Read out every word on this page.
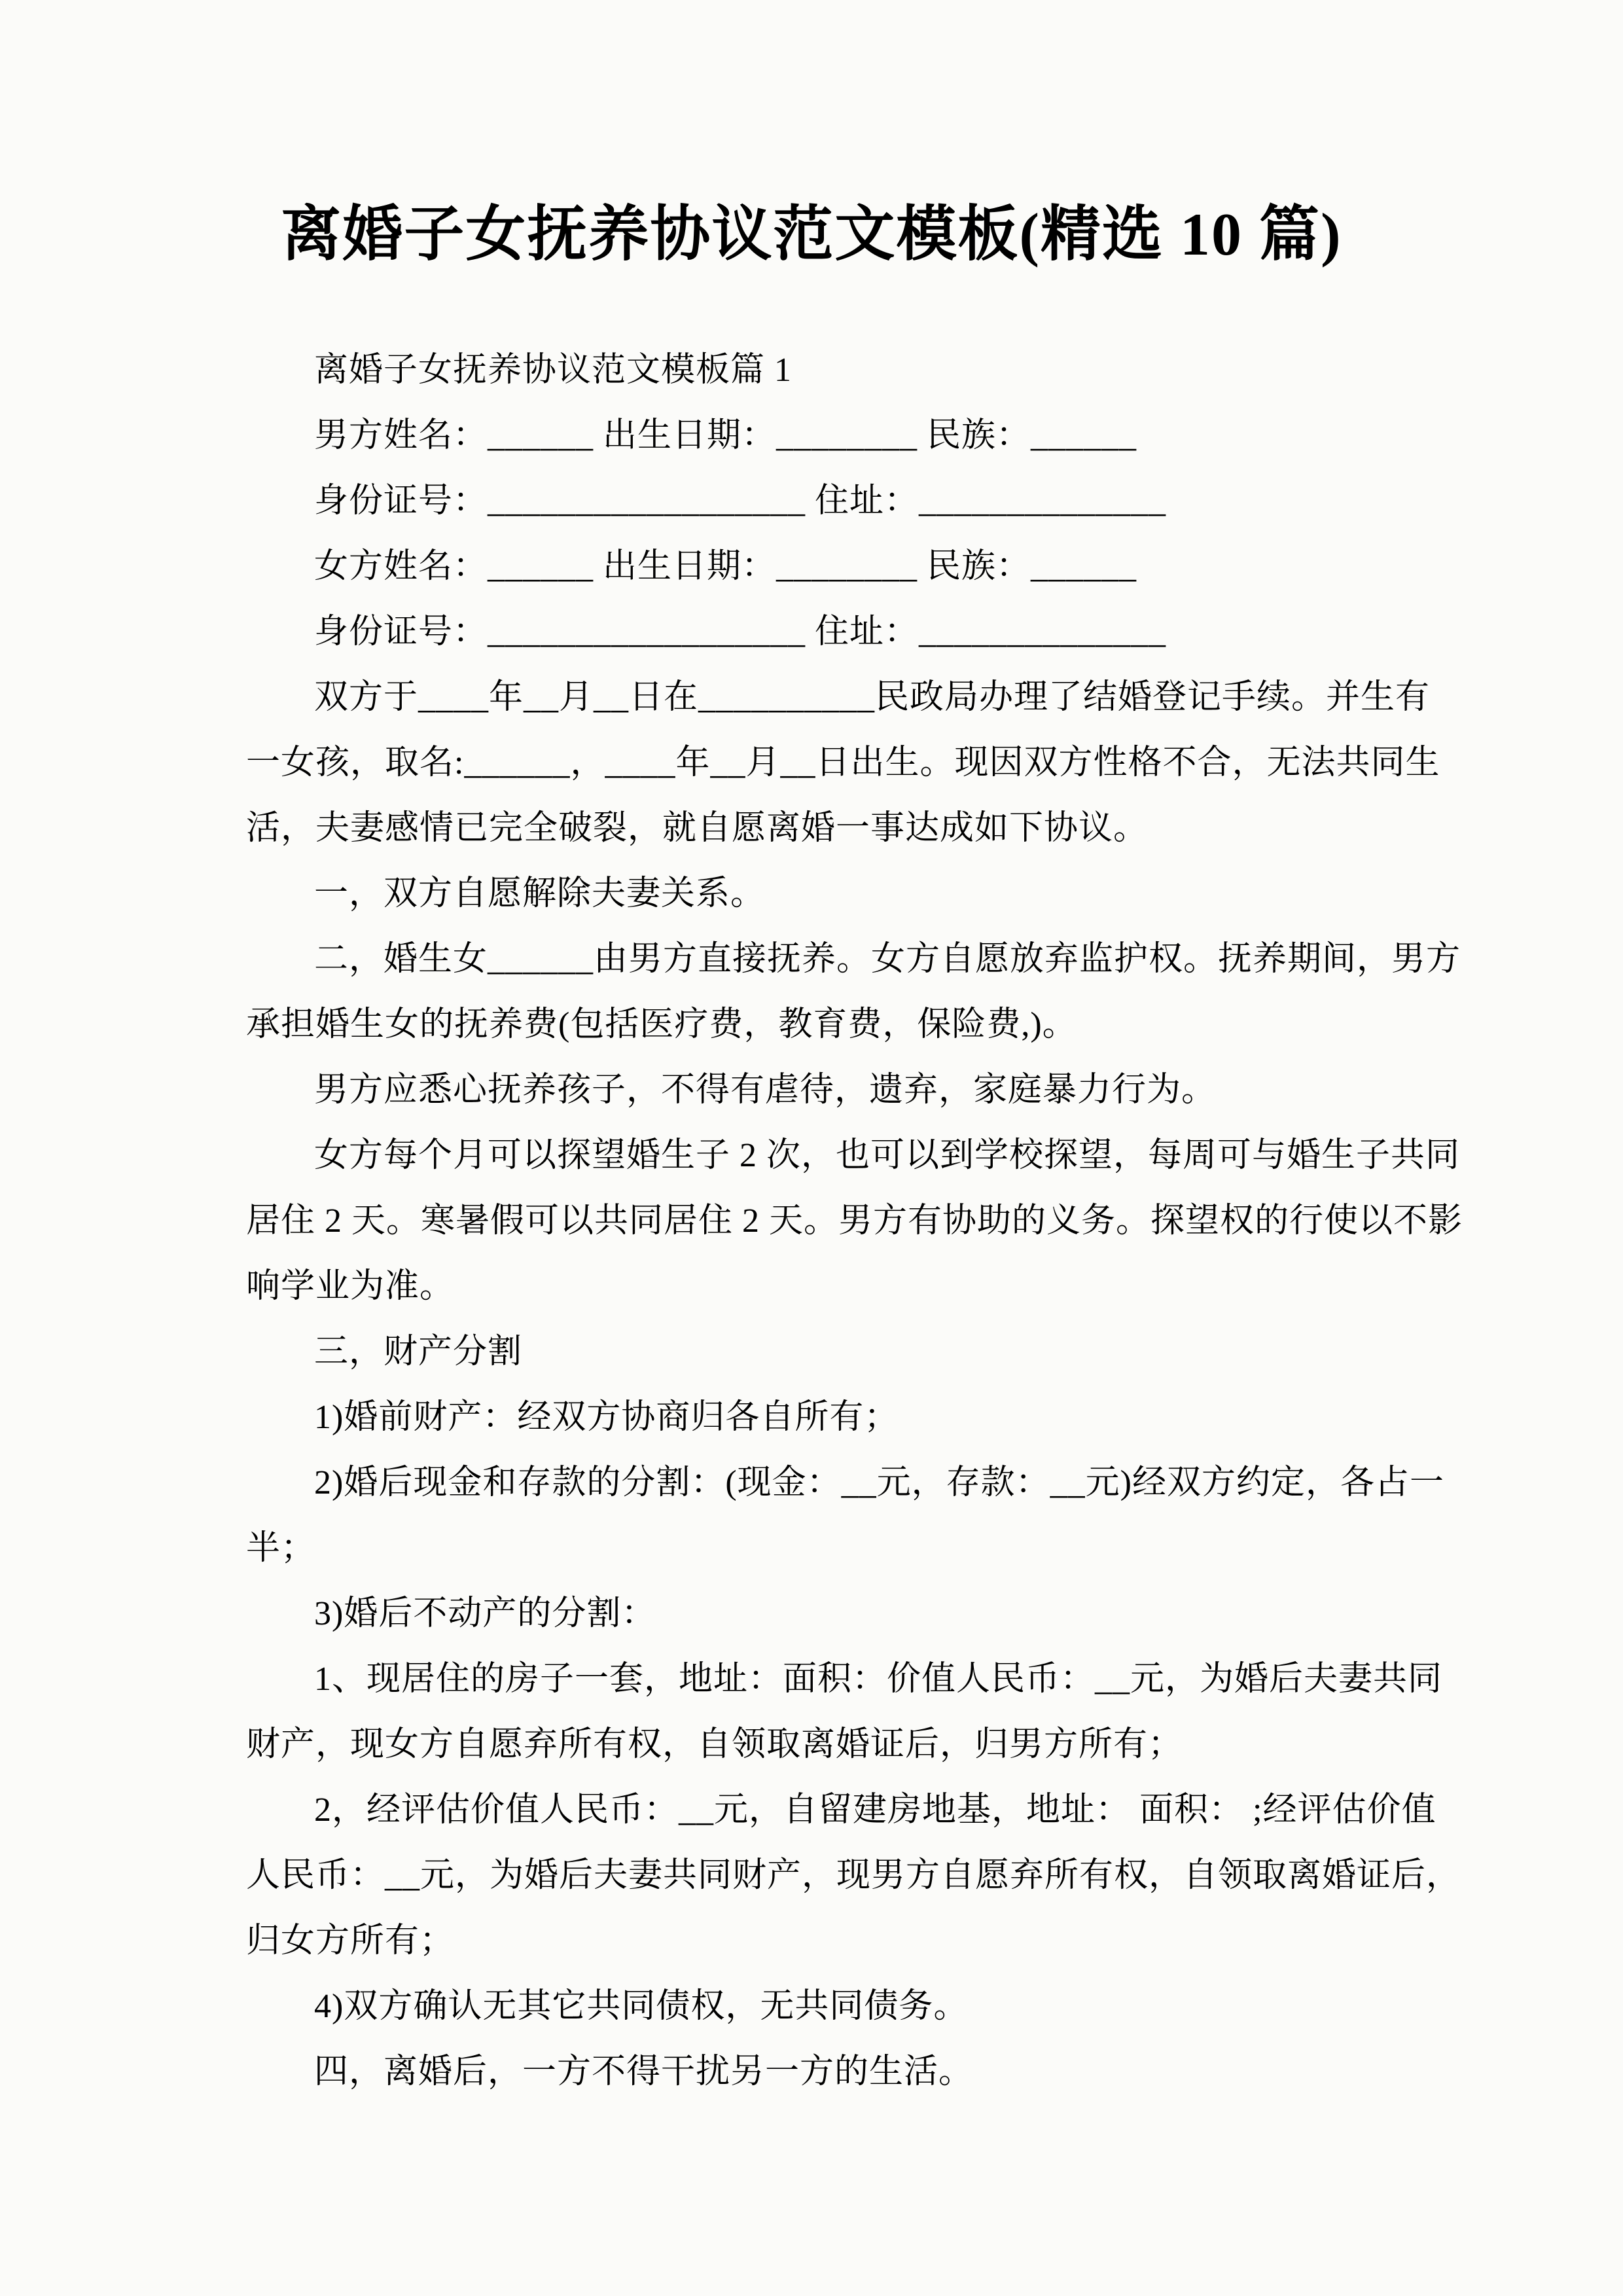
离婚子女抚养协议范文模板(精选 10 篇)

离婚子女抚养协议范文模板篇 1

男方姓名：______ 出生日期：________ 民族：______

身份证号：__________________ 住址：______________

女方姓名：______ 出生日期：________ 民族：______

身份证号：__________________ 住址：______________

双方于____年__月__日在__________民政局办理了结婚登记手续。并生有

一女孩，取名:______，____年__月__日出生。现因双方性格不合，无法共同生

活，夫妻感情已完全破裂，就自愿离婚一事达成如下协议。

一，双方自愿解除夫妻关系。

二，婚生女______由男方直接抚养。女方自愿放弃监护权。抚养期间，男方

承担婚生女的抚养费(包括医疗费，教育费，保险费,)。

男方应悉心抚养孩子，不得有虐待，遗弃，家庭暴力行为。

女方每个月可以探望婚生子 2 次，也可以到学校探望，每周可与婚生子共同

居住 2 天。寒暑假可以共同居住 2 天。男方有协助的义务。探望权的行使以不影

响学业为准。

三，财产分割

1)婚前财产：经双方协商归各自所有；

2)婚后现金和存款的分割：(现金：__元，存款：__元)经双方约定，各占一

半；

3)婚后不动产的分割：

1、现居住的房子一套，地址：面积：价值人民币：__元，为婚后夫妻共同

财产，现女方自愿弃所有权，自领取离婚证后，归男方所有；

2，经评估价值人民币：__元，自留建房地基，地址： 面积： ;经评估价值

人民币：__元，为婚后夫妻共同财产，现男方自愿弃所有权，自领取离婚证后，

归女方所有；

4)双方确认无其它共同债权，无共同债务。

四，离婚后，一方不得干扰另一方的生活。
